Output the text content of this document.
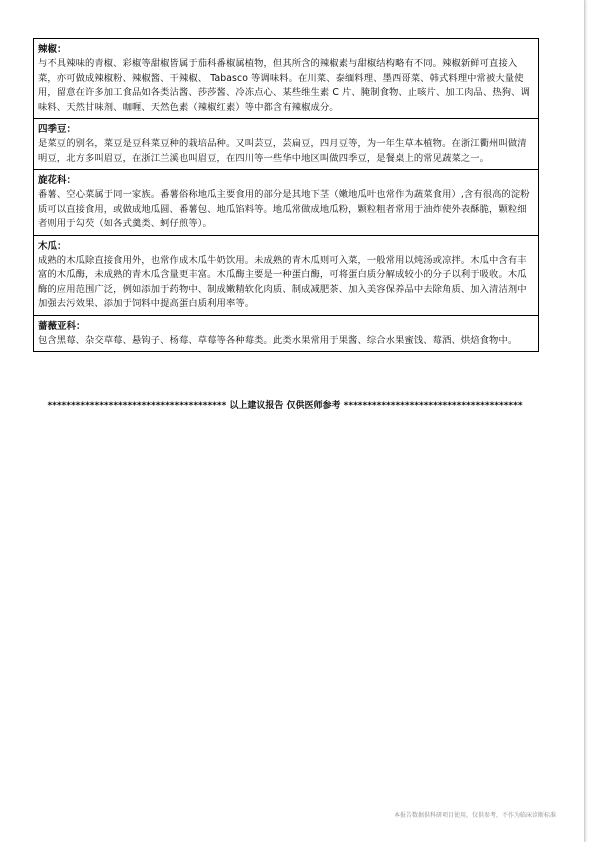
辣椒：
与不具辣味的青椒、彩椒等甜椒皆属于茄科番椒属植物，但其所含的辣椒素与甜椒结构略有不同。辣椒新鲜可直接入菜，亦可做成辣椒粉、辣椒酱、干辣椒、 Tabasco 等调味料。在川菜、泰缅料理、墨西哥菜、韩式料理中常被大量使用，留意在许多加工食品如各类沾酱、莎莎酱、冷冻点心、某些维生素 C 片、腌制食物、止咳片、加工肉品、热狗、调味料、天然甘味剂、咖喱、天然色素（辣椒红素）等中都含有辣椒成分。
四季豆：
是菜豆的别名，菜豆是豆科菜豆种的栽培品种。又叫芸豆，芸扁豆，四月豆等，为一年生草本植物。在浙江衢州叫做清明豆，北方多叫眉豆，在浙江兰溪也叫眉豆，在四川等一些华中地区叫做四季豆，是餐桌上的常见蔬菜之一。
旋花科：
番薯、空心菜属于同一家族。番薯俗称地瓜主要食用的部分是其地下茎（嫩地瓜叶也常作为蔬菜食用）,含有很高的淀粉质可以直接食用，或做成地瓜圆、番薯包、地瓜馅料等。地瓜常做成地瓜粉，颗粒粗者常用于油炸使外表酥脆，颗粒细者则用于勾芡（如各式羹类、蚵仔煎等）。
木瓜：
成熟的木瓜除直接食用外，也常作成木瓜牛奶饮用。未成熟的青木瓜则可入菜，一般常用以炖汤或凉拌。木瓜中含有丰富的木瓜酶，未成熟的青木瓜含量更丰富。木瓜酶主要是一种蛋白酶，可将蛋白质分解成较小的分子以利于吸收。木瓜酶的应用范围广泛，例如添加于药物中、制成嫩精软化肉质、制成减肥茶、加入美容保养品中去除角质、加入清洁剂中加强去污效果、添加于饲料中提高蛋白质利用率等。
蔷薇亚科：
包含黑莓、杂交草莓、悬钩子、杨莓、草莓等各种莓类。此类水果常用于果酱、综合水果蜜饯、莓酒、烘焙食物中。
************************************** 以上建议报告 仅供医师参考 **************************************
本报告数据供科研项目使用，仅供参考，不作为临床诊断标准
